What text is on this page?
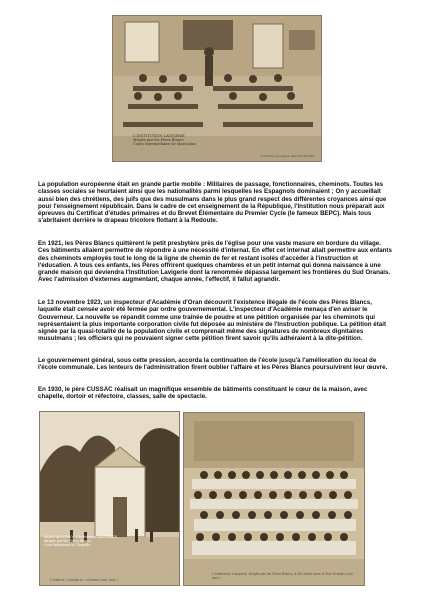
L'INSTITUTION LAVIGERIE
dirigée par les Pères Blancs
Cours Intermédiaire de Marocains
Collection Lavigerie, Bernard Bozzini

La population européenne était en grande partie mobile : Militaires de passage, fonctionnaires, cheminots. Toutes les classes sociales se heurtaient ainsi que les nationalités parmi lesquelles les Espagnols dominaient ; On y accueillait aussi bien des chrétiens, des juifs que des musulmans dans le plus grand respect des différentes croyances ainsi que pour l'enseignement républicain. Dans le cadre de cet enseignement de la République, l'Institution nous préparait aux épreuves du Certificat d'études primaires et du Brevet Élémentaire du Premier Cycle (le fameux BEPC). Mais tous s'abritaient derrière le drapeau tricolore flottant à la Redoute.

En 1921, les Pères Blancs quittèrent le petit presbytère près de l'église pour une vaste masure en bordure du village. Ces bâtiments allaient permettre de répondre à une nécessité d'internat. En effet cet internat allait permettre aux enfants des cheminots employés tout le long de la ligne de chemin de fer et restant isolés d'accéder à l'instruction et l'éducation. A tous ces enfants, les Pères offrirent quelques chambres et un petit internat qui donna naissance à une grande maison qui deviendra l'Institution Lavigerie dont la renommée dépassa largement les frontières du Sud Oranais. Avec l'admission d'externes augmentant, chaque année, l'effectif, il fallut agrandir.

Le 13 novembre 1923, un inspecteur d'Académie d'Oran découvrit l'existence illégale de l'école des Pères Blancs, laquelle était censée avoir été fermée par ordre gouvernemental. L'inspecteur d'Académie menaça d'en aviser le Gouverneur. La nouvelle se répandit comme une traînée de poudre et une pétition organisée par les cheminots qui représentaient la plus importante corporation civile fut déposée au ministère de l'Instruction publique. La pétition était signée par la quasi-totalité de la population civile et comprenait même des signatures de nombreux dignitaires musulmans ; les officiers qui ne pouvaient signer cette pétition firent savoir qu'ils adhéraient à la dite-pétition.

Le gouvernement général, sous cette pression, accorda la continuation de l'école jusqu'à l'amélioration du local de l'école communale. Les lenteurs de l'administration firent oublier l'affaire et les Pères Blancs poursuivirent leur œuvre.

En 1930, le père CUSSAC réalisait un magnifique ensemble de bâtiments constituant le cœur de la maison, avec chapelle, dortoir et réfectoire, classes, salle de spectacle.

SAINT-ANTONIO - L'Institution LAVIGERIE
dirigée par les Pères Blancs
Cour Intérieure et Chapelle
L'Institut « Lavigerie » d'Arzew (coll. part.)
L'Institution Lavigerie, dirigée par les Pères Blancs, à Aïn Sefra dans le Sud-Oranais (coll. part.)
